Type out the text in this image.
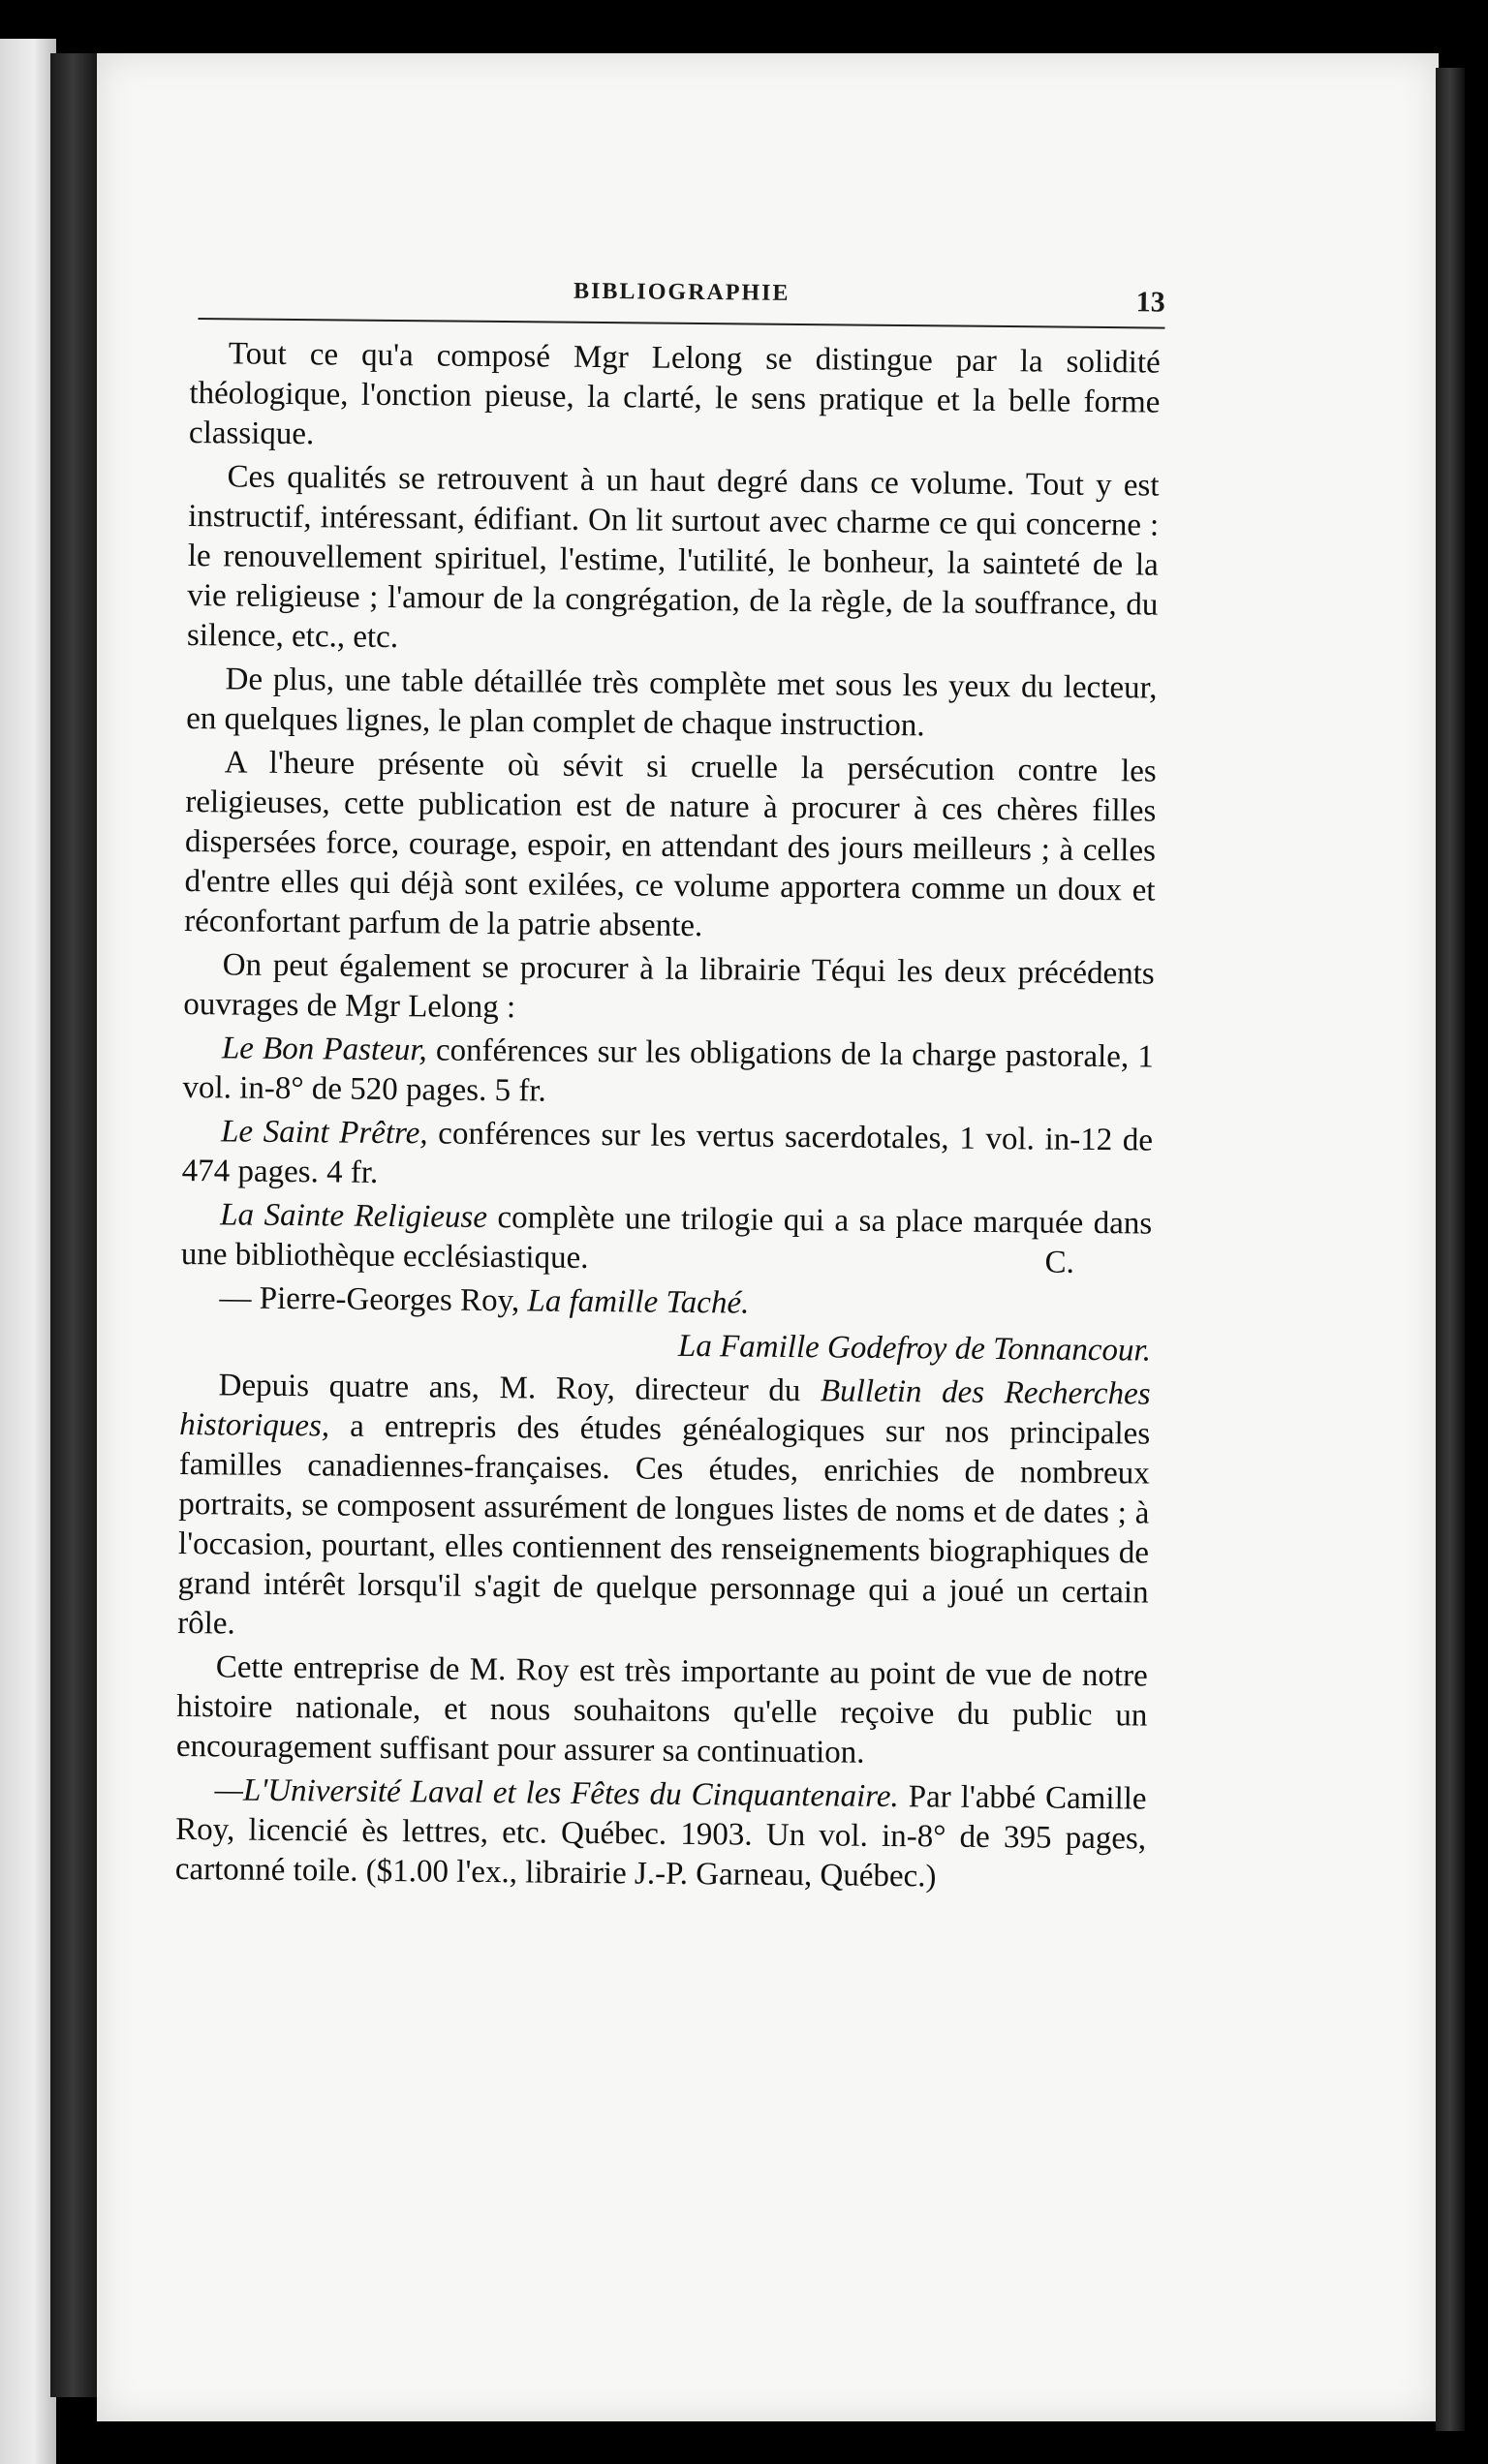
BIBLIOGRAPHIE	13

Tout ce qu'a composé Mgr Lelong se distingue par la solidité théologique, l'onction pieuse, la clarté, le sens pratique et la belle forme classique.

Ces qualités se retrouvent à un haut degré dans ce volume. Tout y est instructif, intéressant, édifiant. On lit surtout avec charme ce qui concerne : le renouvellement spirituel, l'estime, l'utilité, le bonheur, la sainteté de la vie religieuse ; l'amour de la congrégation, de la règle, de la souffrance, du silence, etc., etc.

De plus, une table détaillée très complète met sous les yeux du lecteur, en quelques lignes, le plan complet de chaque instruction.

A l'heure présente où sévit si cruelle la persécution contre les religieuses, cette publication est de nature à procurer à ces chères filles dispersées force, courage, espoir, en attendant des jours meilleurs ; à celles d'entre elles qui déjà sont exilées, ce volume apportera comme un doux et réconfortant parfum de la patrie absente.

On peut également se procurer à la librairie Téqui les deux précédents ouvrages de Mgr Lelong :

Le Bon Pasteur, conférences sur les obligations de la charge pastorale, 1 vol. in-8° de 520 pages. 5 fr.

Le Saint Prêtre, conférences sur les vertus sacerdotales, 1 vol. in-12 de 474 pages. 4 fr.

La Sainte Religieuse complète une trilogie qui a sa place marquée dans une bibliothèque ecclésiastique.	C.

— Pierre-Georges Roy, La famille Taché.

La Famille Godefroy de Tonnancour.

Depuis quatre ans, M. Roy, directeur du Bulletin des Recherches historiques, a entrepris des études généalogiques sur nos principales familles canadiennes-françaises. Ces études, enrichies de nombreux portraits, se composent assurément de longues listes de noms et de dates ; à l'occasion, pourtant, elles contiennent des renseignements biographiques de grand intérêt lorsqu'il s'agit de quelque personnage qui a joué un certain rôle.

Cette entreprise de M. Roy est très importante au point de vue de notre histoire nationale, et nous souhaitons qu'elle reçoive du public un encouragement suffisant pour assurer sa continuation.

—L'Université Laval et les Fêtes du Cinquantenaire. Par l'abbé Camille Roy, licencié ès lettres, etc. Québec. 1903. Un vol. in-8° de 395 pages, cartonné toile. ($1.00 l'ex., librairie J.-P. Garneau, Québec.)
